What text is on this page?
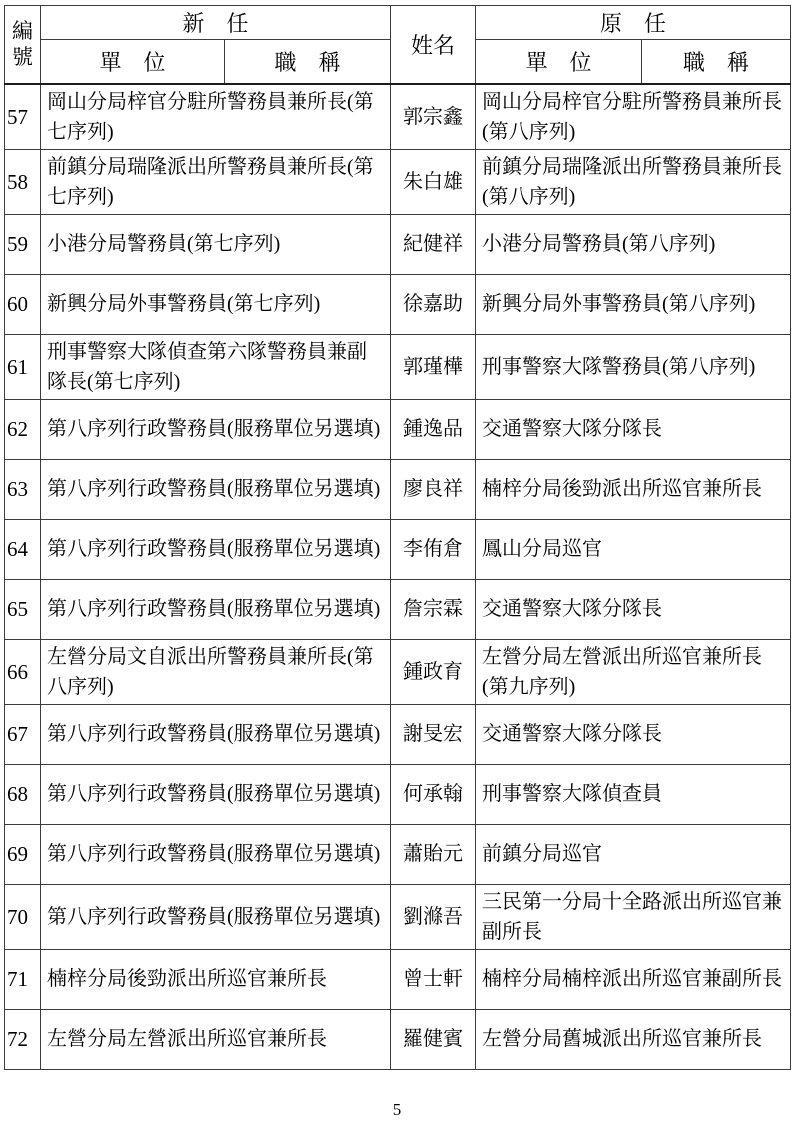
編號	新　任		姓名	原　任	
	單　位	職　稱		單　位	職　稱
57	岡山分局梓官分駐所警務員兼所長(第七序列)		郭宗鑫	岡山分局梓官分駐所警務員兼所長(第八序列)	
58	前鎮分局瑞隆派出所警務員兼所長(第七序列)		朱白雄	前鎮分局瑞隆派出所警務員兼所長(第八序列)	
59	小港分局警務員(第七序列)		紀健祥	小港分局警務員(第八序列)	
60	新興分局外事警務員(第七序列)		徐嘉助	新興分局外事警務員(第八序列)	
61	刑事警察大隊偵查第六隊警務員兼副隊長(第七序列)		郭瑾樺	刑事警察大隊警務員(第八序列)	
62	第八序列行政警務員(服務單位另選填)		鍾逸品	交通警察大隊分隊長	
63	第八序列行政警務員(服務單位另選填)		廖良祥	楠梓分局後勁派出所巡官兼所長	
64	第八序列行政警務員(服務單位另選填)		李侑倉	鳳山分局巡官	
65	第八序列行政警務員(服務單位另選填)		詹宗霖	交通警察大隊分隊長	
66	左營分局文自派出所警務員兼所長(第八序列)		鍾政育	左營分局左營派出所巡官兼所長(第九序列)	
67	第八序列行政警務員(服務單位另選填)		謝旻宏	交通警察大隊分隊長	
68	第八序列行政警務員(服務單位另選填)		何承翰	刑事警察大隊偵查員	
69	第八序列行政警務員(服務單位另選填)		蕭貽元	前鎮分局巡官	
70	第八序列行政警務員(服務單位另選填)		劉滌吾	三民第一分局十全路派出所巡官兼副所長	
71	楠梓分局後勁派出所巡官兼所長		曾士軒	楠梓分局楠梓派出所巡官兼副所長	
72	左營分局左營派出所巡官兼所長		羅健賓	左營分局舊城派出所巡官兼所長	
5
